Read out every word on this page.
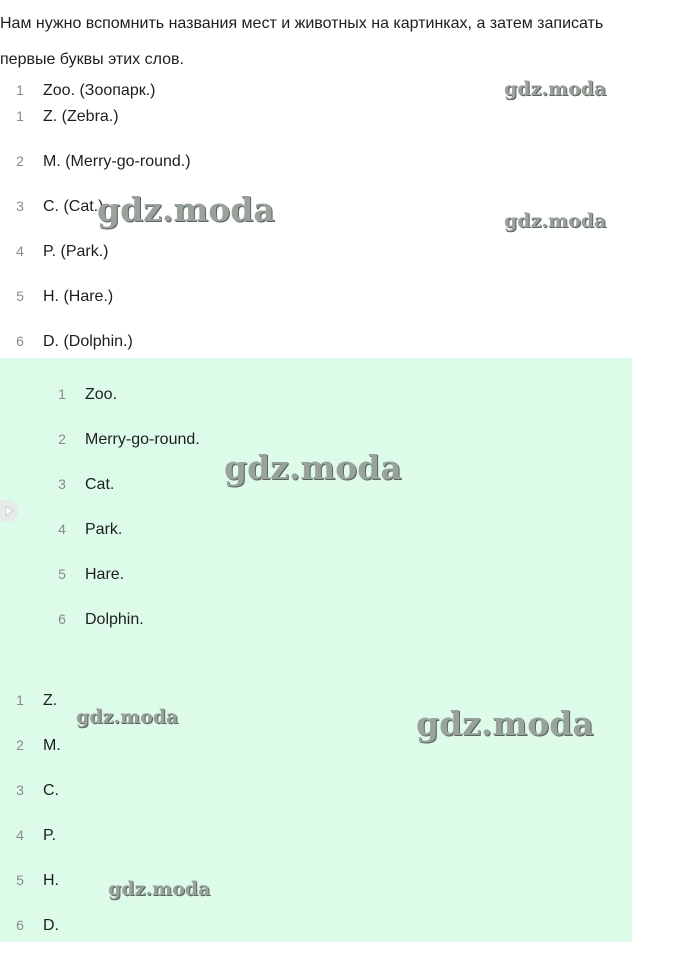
Нам нужно вспомнить названия мест и животных на картинках, а затем записать первые буквы этих слов.

1 Zoo. (Зоопарк.)
1 Z. (Zebra.)
2 M. (Merry-go-round.)
3 C. (Cat.)
4 P. (Park.)
5 H. (Hare.)
6 D. (Dolphin.)
1 Zoo.
2 Merry-go-round.
3 Cat.
4 Park.
5 Hare.
6 Dolphin.
1 Z.
2 M.
3 C.
4 P.
5 H.
6 D.
gdz.moda
gdz.moda	gdz.moda
gdz.moda
gdz.moda	gdz.moda
gdz.moda
